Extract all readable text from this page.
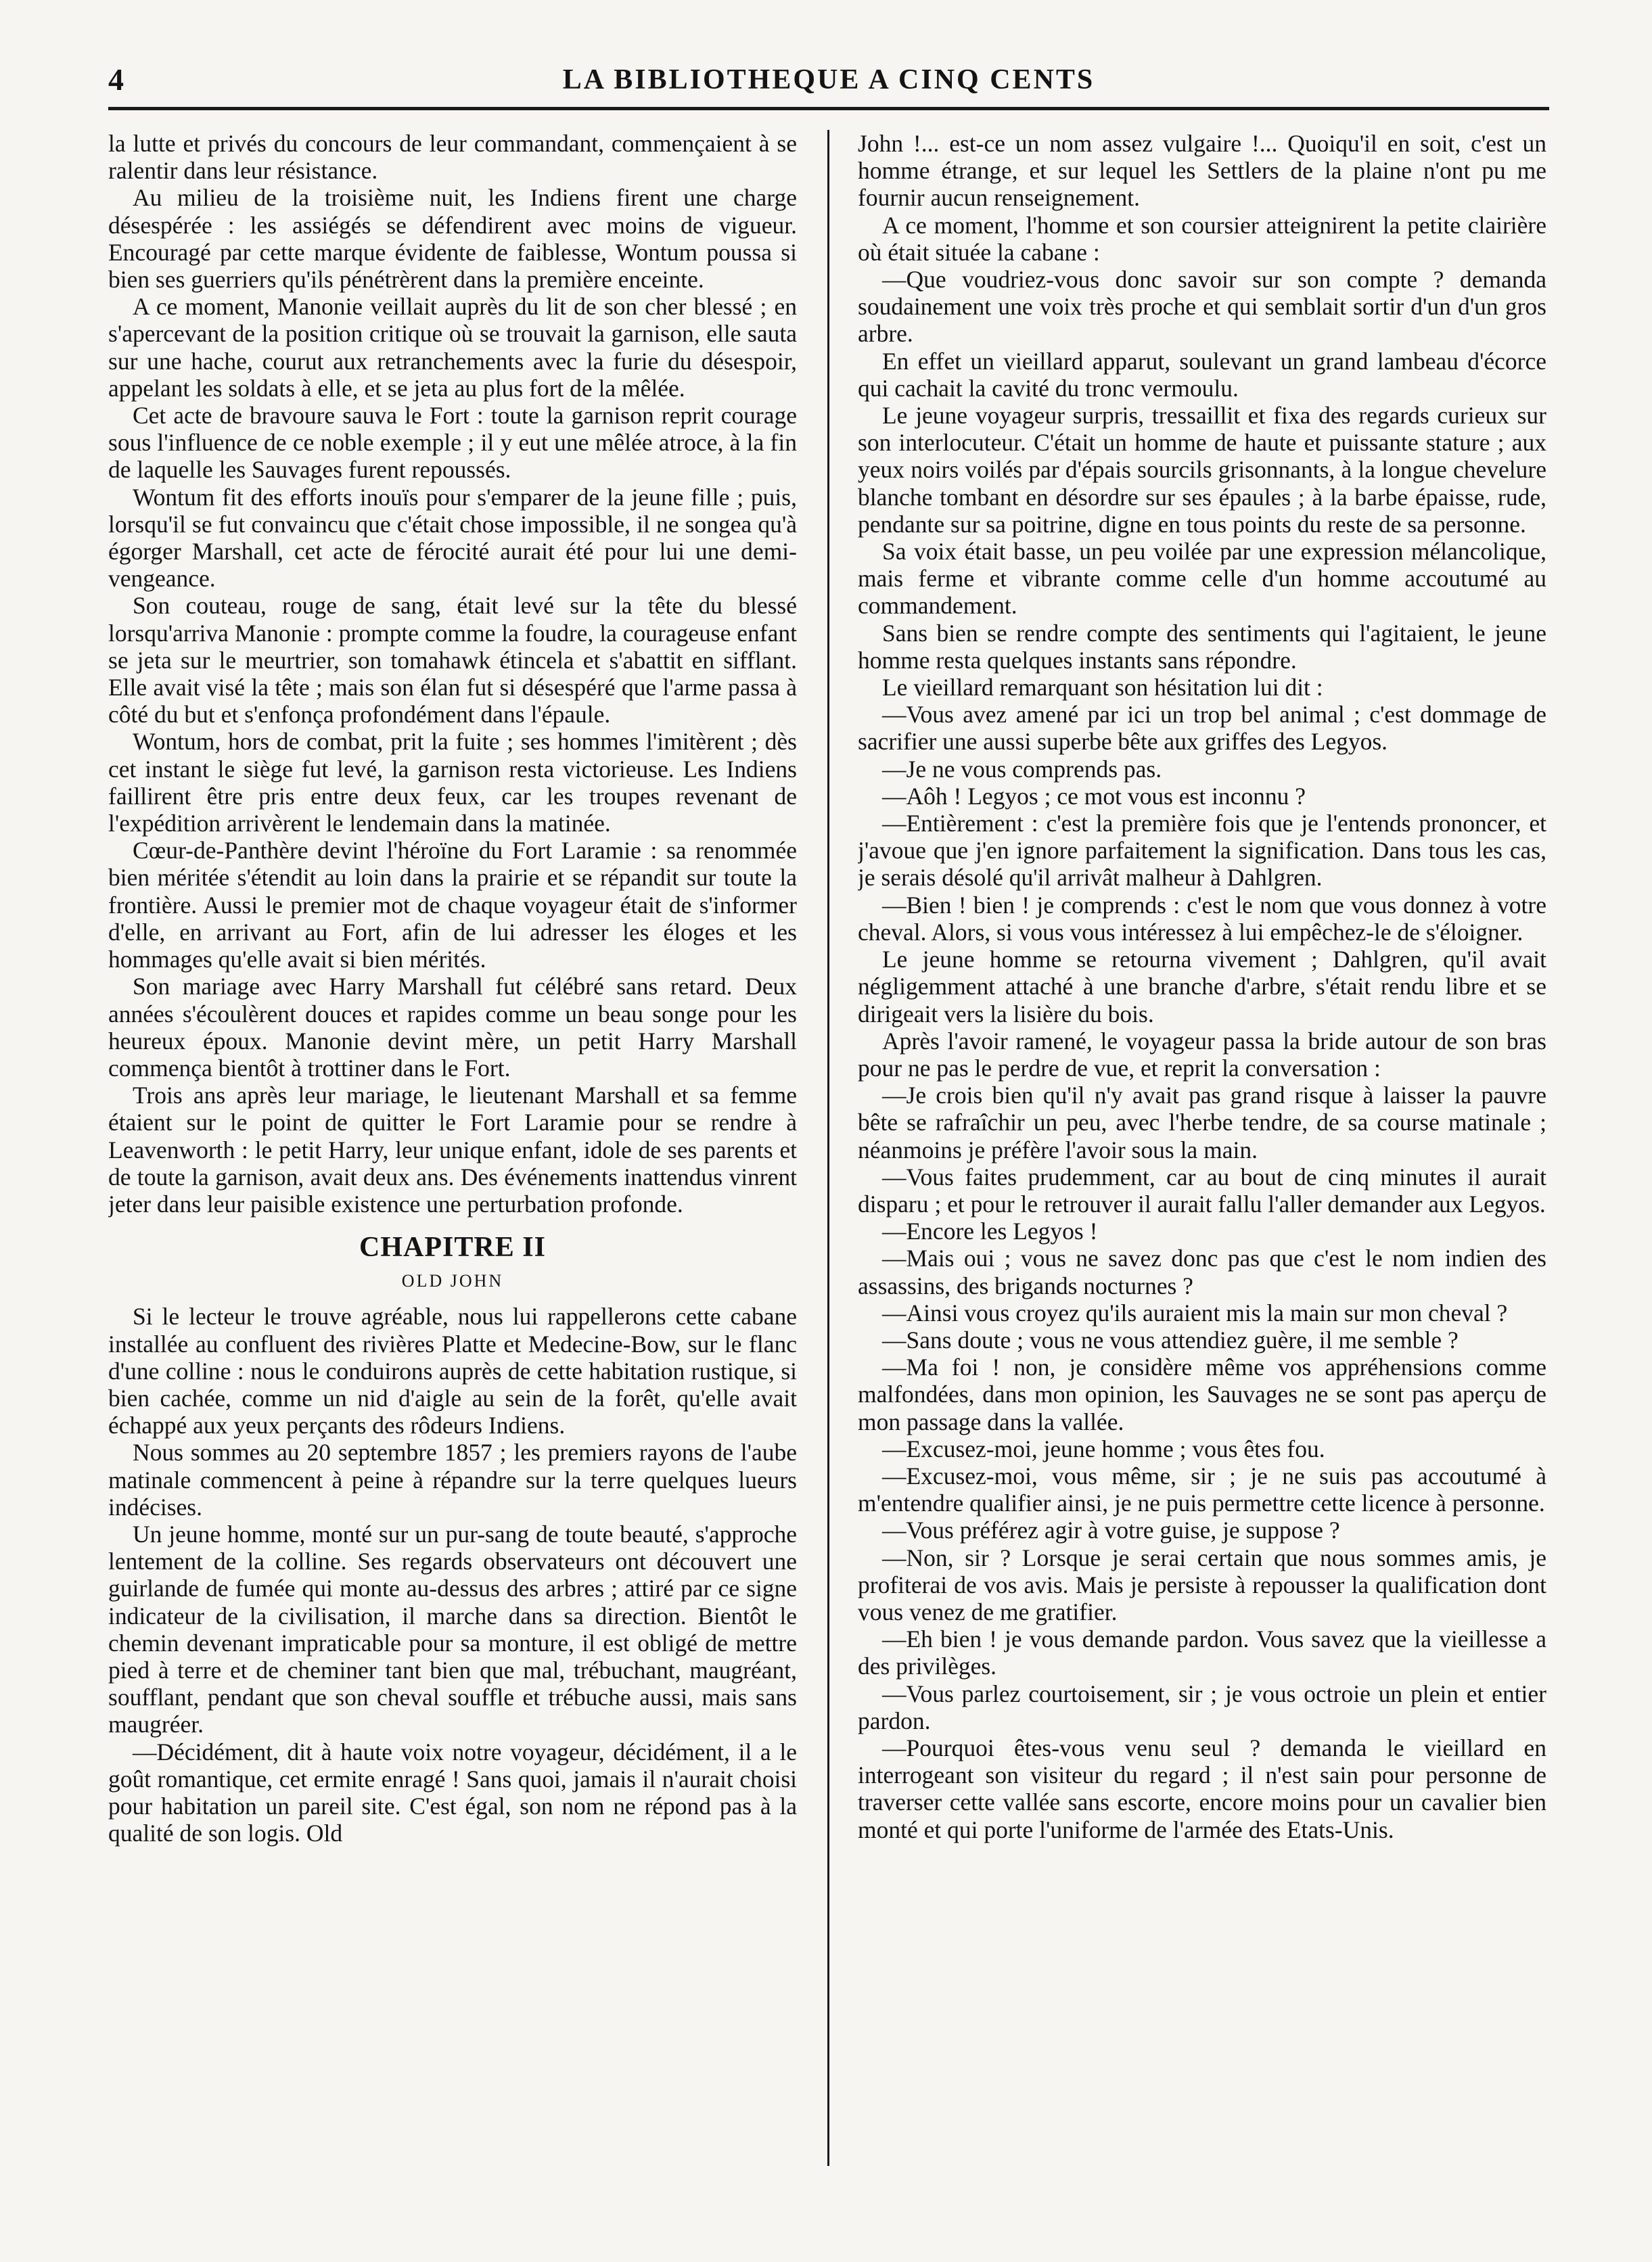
4	LA BIBLIOTHEQUE A CINQ CENTS

la lutte et privés du concours de leur commandant, commençaient à se ralentir dans leur résistance.

Au milieu de la troisième nuit, les Indiens firent une charge désespérée : les assiégés se défendirent avec moins de vigueur. Encouragé par cette marque évidente de faiblesse, Wontum poussa si bien ses guerriers qu'ils pénétrèrent dans la première enceinte.

A ce moment, Manonie veillait auprès du lit de son cher blessé ; en s'apercevant de la position critique où se trouvait la garnison, elle sauta sur une hache, courut aux retranchements avec la furie du désespoir, appelant les soldats à elle, et se jeta au plus fort de la mêlée.

Cet acte de bravoure sauva le Fort : toute la garnison reprit courage sous l'influence de ce noble exemple ; il y eut une mêlée atroce, à la fin de laquelle les Sauvages furent repoussés.

Wontum fit des efforts inouïs pour s'emparer de la jeune fille ; puis, lorsqu'il se fut convaincu que c'était chose impossible, il ne songea qu'à égorger Marshall, cet acte de férocité aurait été pour lui une demi-vengeance.

Son couteau, rouge de sang, était levé sur la tête du blessé lorsqu'arriva Manonie : prompte comme la foudre, la courageuse enfant se jeta sur le meurtrier, son tomahawk étincela et s'abattit en sifflant. Elle avait visé la tête ; mais son élan fut si désespéré que l'arme passa à côté du but et s'enfonça profondément dans l'épaule.

Wontum, hors de combat, prit la fuite ; ses hommes l'imitèrent ; dès cet instant le siège fut levé, la garnison resta victorieuse. Les Indiens faillirent être pris entre deux feux, car les troupes revenant de l'expédition arrivèrent le lendemain dans la matinée.

Cœur-de-Panthère devint l'héroïne du Fort Laramie : sa renommée bien méritée s'étendit au loin dans la prairie et se répandit sur toute la frontière. Aussi le premier mot de chaque voyageur était de s'informer d'elle, en arrivant au Fort, afin de lui adresser les éloges et les hommages qu'elle avait si bien mérités.

Son mariage avec Harry Marshall fut célébré sans retard. Deux années s'écoulèrent douces et rapides comme un beau songe pour les heureux époux. Manonie devint mère, un petit Harry Marshall commença bientôt à trottiner dans le Fort.

Trois ans après leur mariage, le lieutenant Marshall et sa femme étaient sur le point de quitter le Fort Laramie pour se rendre à Leavenworth : le petit Harry, leur unique enfant, idole de ses parents et de toute la garnison, avait deux ans. Des événements inattendus vinrent jeter dans leur paisible existence une perturbation profonde.

CHAPITRE II
OLD JOHN

Si le lecteur le trouve agréable, nous lui rappellerons cette cabane installée au confluent des rivières Platte et Medecine-Bow, sur le flanc d'une colline : nous le conduirons auprès de cette habitation rustique, si bien cachée, comme un nid d'aigle au sein de la forêt, qu'elle avait échappé aux yeux perçants des rôdeurs Indiens.

Nous sommes au 20 septembre 1857 ; les premiers rayons de l'aube matinale commencent à peine à répandre sur la terre quelques lueurs indécises.

Un jeune homme, monté sur un pur-sang de toute beauté, s'approche lentement de la colline. Ses regards observateurs ont découvert une guirlande de fumée qui monte au-dessus des arbres ; attiré par ce signe indicateur de la civilisation, il marche dans sa direction. Bientôt le chemin devenant impraticable pour sa monture, il est obligé de mettre pied à terre et de cheminer tant bien que mal, trébuchant, maugréant, soufflant, pendant que son cheval souffle et trébuche aussi, mais sans maugréer.

—Décidément, dit à haute voix notre voyageur, décidément, il a le goût romantique, cet ermite enragé ! Sans quoi, jamais il n'aurait choisi pour habitation un pareil site. C'est égal, son nom ne répond pas à la qualité de son logis. Old

John !... est-ce un nom assez vulgaire !... Quoiqu'il en soit, c'est un homme étrange, et sur lequel les Settlers de la plaine n'ont pu me fournir aucun renseignement.

A ce moment, l'homme et son coursier atteignirent la petite clairière où était située la cabane :

—Que voudriez-vous donc savoir sur son compte ? demanda soudainement une voix très proche et qui semblait sortir d'un d'un gros arbre.

En effet un vieillard apparut, soulevant un grand lambeau d'écorce qui cachait la cavité du tronc vermoulu.

Le jeune voyageur surpris, tressaillit et fixa des regards curieux sur son interlocuteur. C'était un homme de haute et puissante stature ; aux yeux noirs voilés par d'épais sourcils grisonnants, à la longue chevelure blanche tombant en désordre sur ses épaules ; à la barbe épaisse, rude, pendante sur sa poitrine, digne en tous points du reste de sa personne.

Sa voix était basse, un peu voilée par une expression mélancolique, mais ferme et vibrante comme celle d'un homme accoutumé au commandement.

Sans bien se rendre compte des sentiments qui l'agitaient, le jeune homme resta quelques instants sans répondre.

Le vieillard remarquant son hésitation lui dit :

—Vous avez amené par ici un trop bel animal ; c'est dommage de sacrifier une aussi superbe bête aux griffes des Legyos.

—Je ne vous comprends pas.

—Aôh ! Legyos ; ce mot vous est inconnu ?

—Entièrement : c'est la première fois que je l'entends prononcer, et j'avoue que j'en ignore parfaitement la signification. Dans tous les cas, je serais désolé qu'il arrivât malheur à Dahlgren.

—Bien ! bien ! je comprends : c'est le nom que vous donnez à votre cheval. Alors, si vous vous intéressez à lui empêchez-le de s'éloigner.

Le jeune homme se retourna vivement ; Dahlgren, qu'il avait négligemment attaché à une branche d'arbre, s'était rendu libre et se dirigeait vers la lisière du bois.

Après l'avoir ramené, le voyageur passa la bride autour de son bras pour ne pas le perdre de vue, et reprit la conversation :

—Je crois bien qu'il n'y avait pas grand risque à laisser la pauvre bête se rafraîchir un peu, avec l'herbe tendre, de sa course matinale ; néanmoins je préfère l'avoir sous la main.

—Vous faites prudemment, car au bout de cinq minutes il aurait disparu ; et pour le retrouver il aurait fallu l'aller demander aux Legyos.

—Encore les Legyos !

—Mais oui ; vous ne savez donc pas que c'est le nom indien des assassins, des brigands nocturnes ?

—Ainsi vous croyez qu'ils auraient mis la main sur mon cheval ?

—Sans doute ; vous ne vous attendiez guère, il me semble ?

—Ma foi ! non, je considère même vos appréhensions comme malfondées, dans mon opinion, les Sauvages ne se sont pas aperçu de mon passage dans la vallée.

—Excusez-moi, jeune homme ; vous êtes fou.

—Excusez-moi, vous même, sir ; je ne suis pas accoutumé à m'entendre qualifier ainsi, je ne puis permettre cette licence à personne.

—Vous préférez agir à votre guise, je suppose ?

—Non, sir ? Lorsque je serai certain que nous sommes amis, je profiterai de vos avis. Mais je persiste à repousser la qualification dont vous venez de me gratifier.

—Eh bien ! je vous demande pardon. Vous savez que la vieillesse a des privilèges.

—Vous parlez courtoisement, sir ; je vous octroie un plein et entier pardon.

—Pourquoi êtes-vous venu seul ? demanda le vieillard en interrogeant son visiteur du regard ; il n'est sain pour personne de traverser cette vallée sans escorte, encore moins pour un cavalier bien monté et qui porte l'uniforme de l'armée des Etats-Unis.
